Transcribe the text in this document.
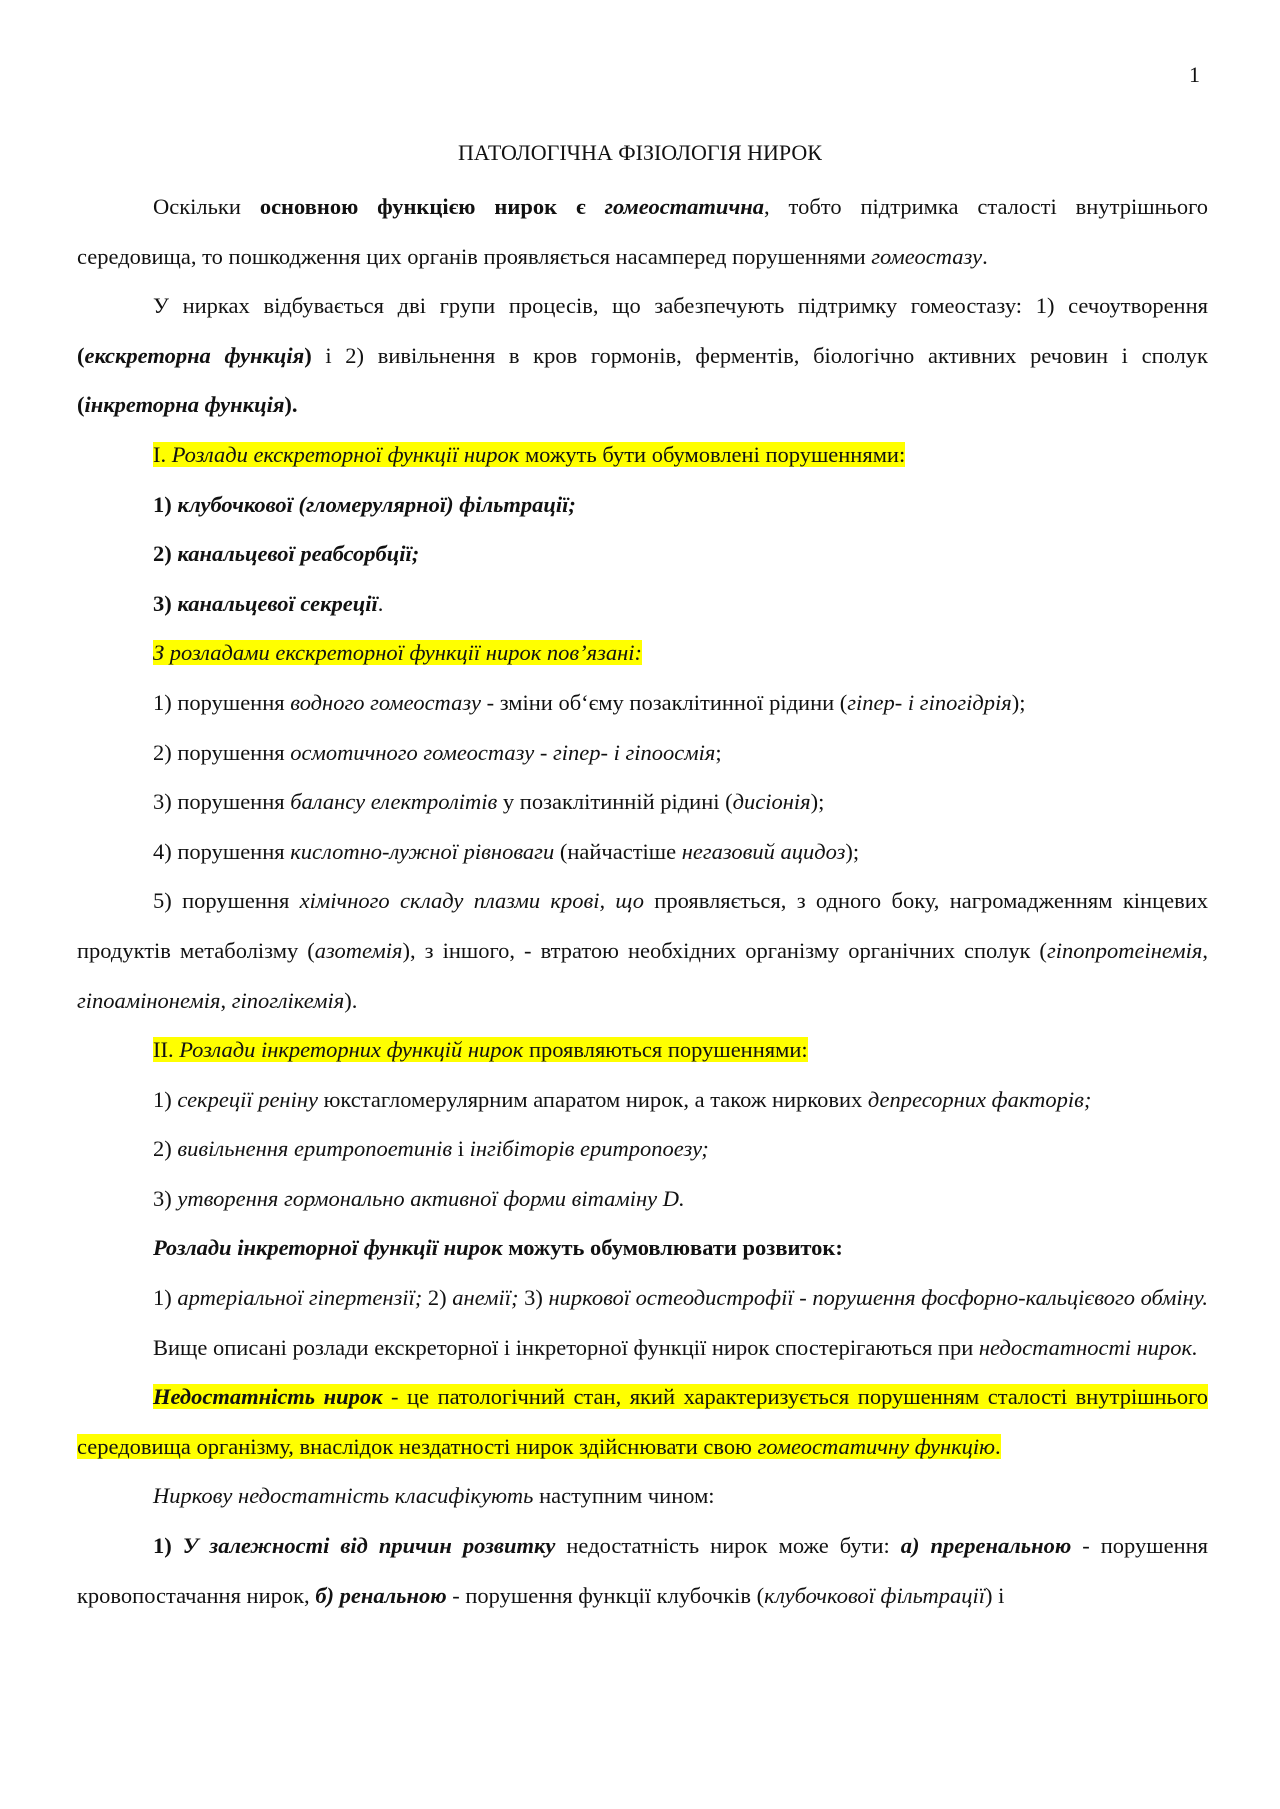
1
ПАТОЛОГІЧНА ФІЗІОЛОГІЯ НИРОК

Оскільки основною функцією нирок є гомеостатична, тобто підтримка сталості внутрішнього середовища, то пошкодження цих органів проявляється насамперед порушеннями гомеостазу.

У нирках відбувається дві групи процесів, що забезпечують підтримку гомеостазу: 1) сечоутворення (екскреторна функція) і 2) вивільнення в кров гормонів, ферментів, біологічно активних речовин і сполук (інкреторна функція).

І. Розлади екскреторної функції нирок можуть бути обумовлені порушеннями:

1) клубочкової (гломерулярної) фільтрації;

2) канальцевої реабсорбції;

3) канальцевої секреції.

З розладами екскреторної функції нирок пов’язані:

1) порушення водного гомеостазу - зміни об‘єму позаклітинної рідини (гіпер- і гіпогідрія);

2) порушення осмотичного гомеостазу - гіпер- і гіпоосмія;

3) порушення балансу електролітів у позаклітинній рідині (дисіонія);

4) порушення кислотно-лужної рівноваги (найчастіше негазовий ацидоз);

5) порушення хімічного складу плазми крові, що проявляється, з одного боку, нагромадженням кінцевих продуктів метаболізму (азотемія), з іншого, - втратою необхідних організму органічних сполук (гіпопротеінемія, гіпоамінонемія, гіпоглікемія).

ІІ. Розлади інкреторних функцій нирок проявляються порушеннями:

1) секреції реніну юкстагломерулярним апаратом нирок, а також ниркових депресорних факторів;

2) вивільнення еритропоетинів і інгібіторів еритропоезу;

3) утворення гормонально активної форми вітаміну D.

Розлади інкреторної функції нирок можуть обумовлювати розвиток:

1) артеріальної гіпертензії; 2) анемії; 3) ниркової остеодистрофії - порушення фосфорно-кальцієвого обміну.

Вище описані розлади екскреторної і інкреторної функції нирок спостерігаються при недостатності нирок.

Недостатність нирок - це патологічний стан, який характеризується порушенням сталості внутрішнього середовища організму, внаслідок нездатності нирок здійснювати свою гомеостатичну функцію.

Ниркову недостатність класифікують наступним чином:

1) У залежності від причин розвитку недостатність нирок може бути: а) преренальною - порушення кровопостачання нирок, б) ренальною - порушення функції клубочків (клубочкової фільтрації) і
